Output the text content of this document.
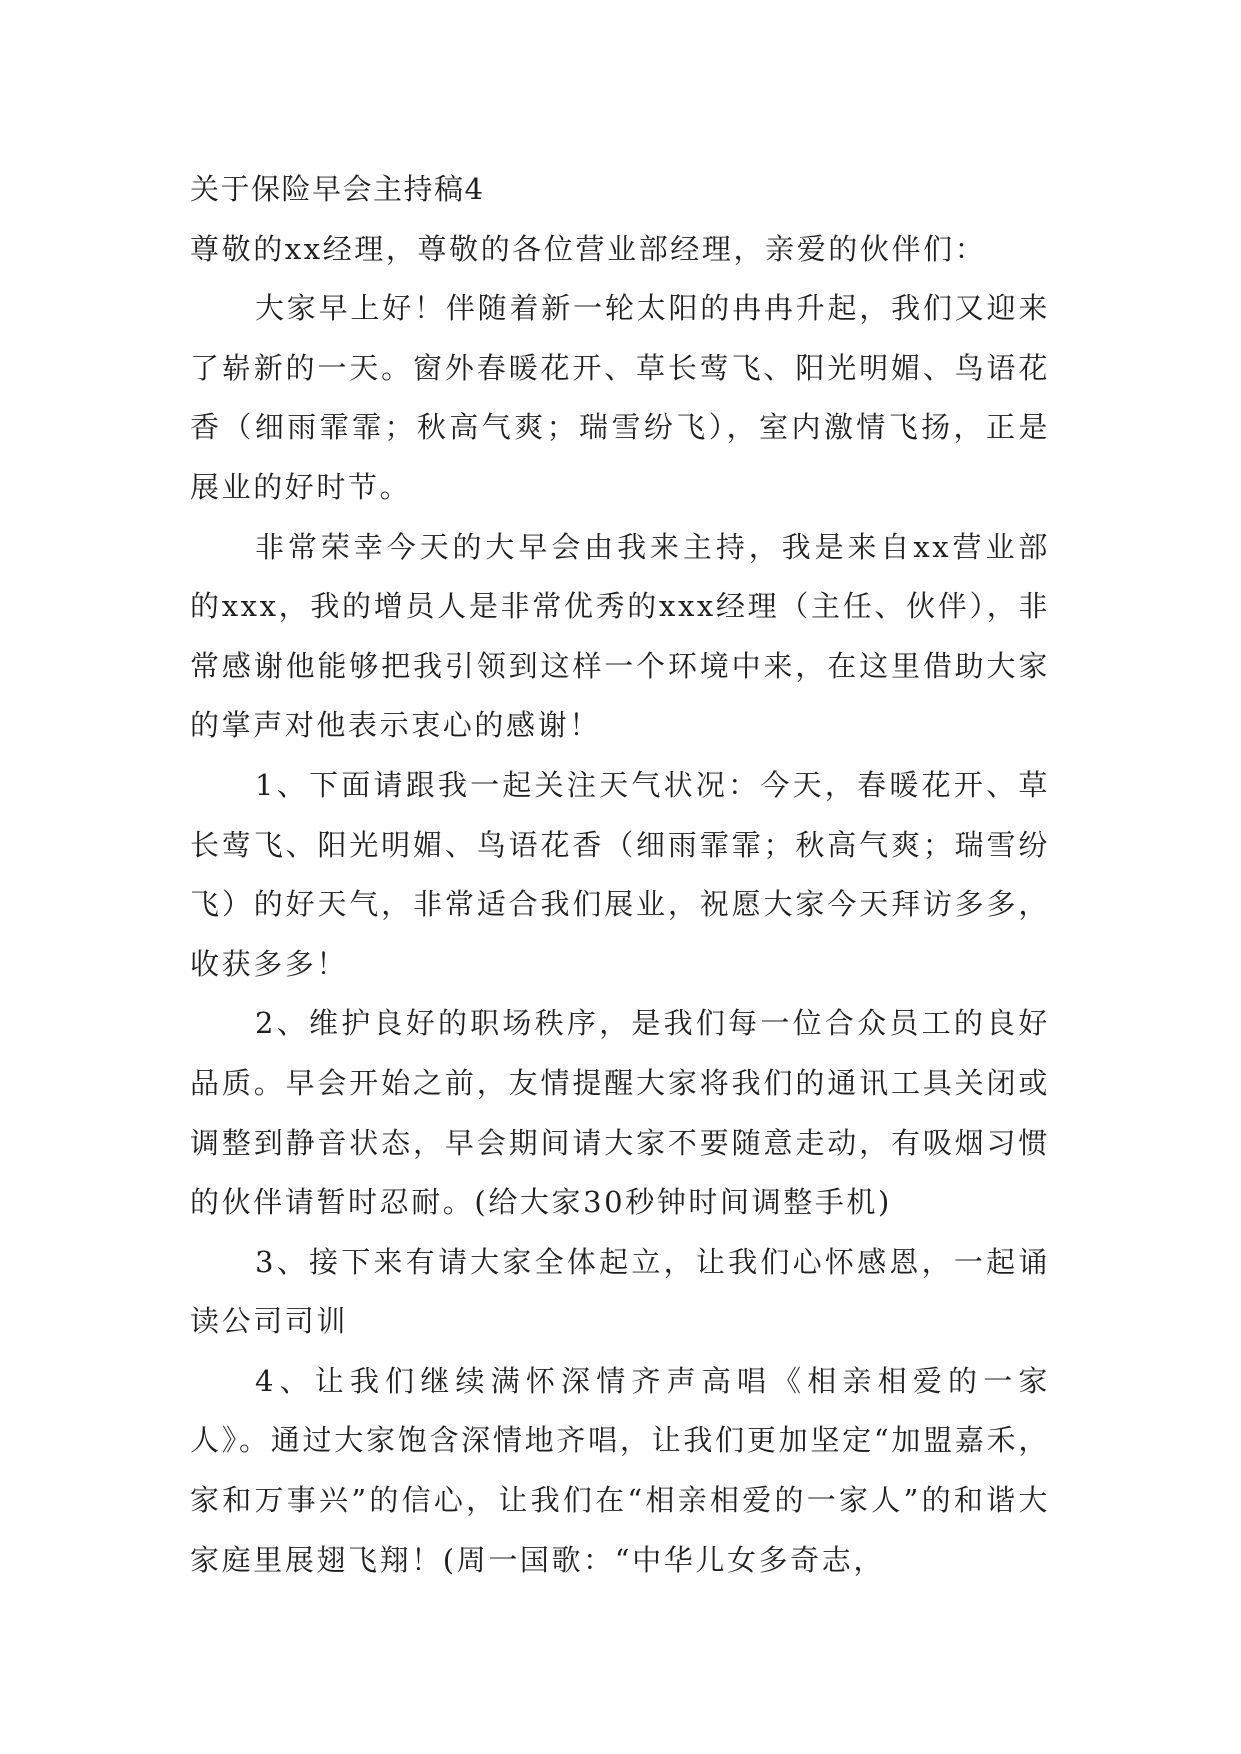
关于保险早会主持稿4

尊敬的xx经理，尊敬的各位营业部经理，亲爱的伙伴们：

大家早上好！伴随着新一轮太阳的冉冉升起，我们又迎来了崭新的一天。窗外春暖花开、草长莺飞、阳光明媚、鸟语花香（细雨霏霏；秋高气爽；瑞雪纷飞），室内激情飞扬，正是展业的好时节。

非常荣幸今天的大早会由我来主持，我是来自xx营业部的xxx，我的增员人是非常优秀的xxx经理（主任、伙伴），非常感谢他能够把我引领到这样一个环境中来，在这里借助大家的掌声对他表示衷心的感谢！

1、下面请跟我一起关注天气状况：今天，春暖花开、草长莺飞、阳光明媚、鸟语花香（细雨霏霏；秋高气爽；瑞雪纷飞）的好天气，非常适合我们展业，祝愿大家今天拜访多多，收获多多！

2、维护良好的职场秩序，是我们每一位合众员工的良好品质。早会开始之前，友情提醒大家将我们的通讯工具关闭或调整到静音状态，早会期间请大家不要随意走动，有吸烟习惯的伙伴请暂时忍耐。(给大家30秒钟时间调整手机)

3、接下来有请大家全体起立，让我们心怀感恩，一起诵读公司司训

4、让我们继续满怀深情齐声高唱《相亲相爱的一家人》。通过大家饱含深情地齐唱，让我们更加坚定“加盟嘉禾，家和万事兴”的信心，让我们在“相亲相爱的一家人”的和谐大家庭里展翅飞翔！(周一国歌：“中华儿女多奇志，
